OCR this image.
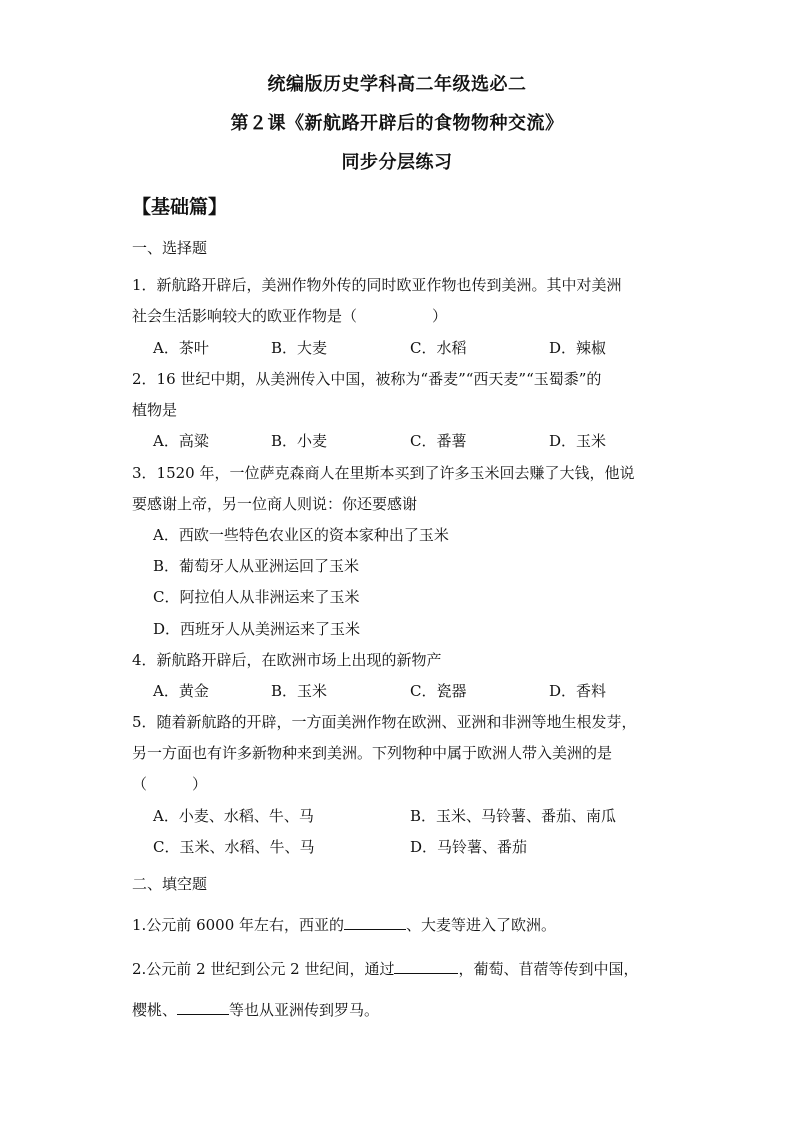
统编版历史学科高二年级选必二
第２课《新航路开辟后的食物物种交流》
同步分层练习
【基础篇】
一、选择题
1．新航路开辟后，美洲作物外传的同时欧亚作物也传到美洲。其中对美洲
社会生活影响较大的欧亚作物是（　　　　　）
A．茶叶	B．大麦	C．水稻	D．辣椒
2．16 世纪中期，从美洲传入中国，被称为“番麦”“西天麦”“玉蜀黍”的
植物是
A．高粱	B．小麦	C．番薯	D．玉米
3．1520 年，一位萨克森商人在里斯本买到了许多玉米回去赚了大钱，他说
要感谢上帝，另一位商人则说：你还要感谢
A．西欧一些特色农业区的资本家种出了玉米
B．葡萄牙人从亚洲运回了玉米
C．阿拉伯人从非洲运来了玉米
D．西班牙人从美洲运来了玉米
4．新航路开辟后，在欧洲市场上出现的新物产
A．黄金	B．玉米	C．瓷器	D．香料
5．随着新航路的开辟，一方面美洲作物在欧洲、亚洲和非洲等地生根发芽，
另一方面也有许多新物种来到美洲。下列物种中属于欧洲人带入美洲的是
（　　　）
A．小麦、水稻、牛、马	B．玉米、马铃薯、番茄、南瓜
C．玉米、水稻、牛、马	D．马铃薯、番茄
二、填空题
1.公元前 6000 年左右，西亚的	、大麦等进入了欧洲。
2.公元前 2 世纪到公元 2 世纪间，通过	，葡萄、苜蓿等传到中国，
樱桃、	等也从亚洲传到罗马。
